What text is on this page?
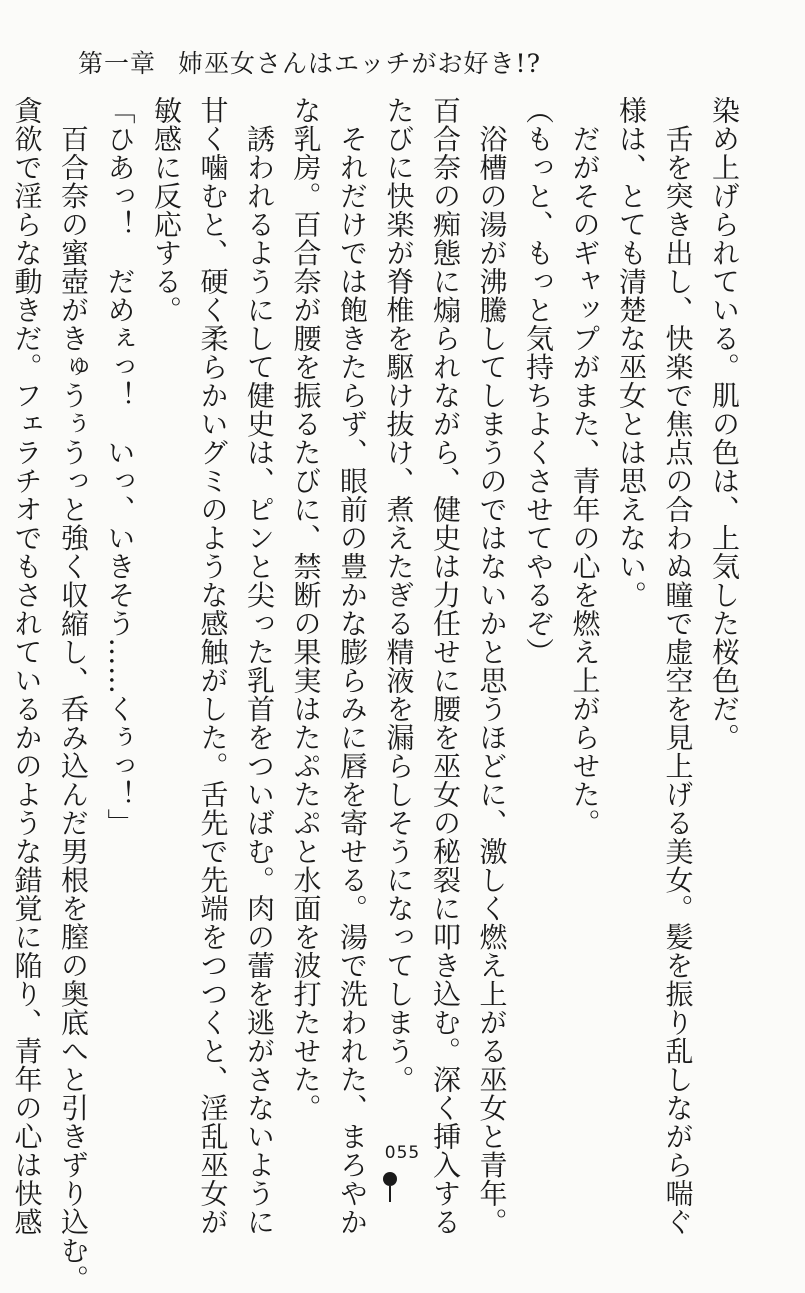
第一章 姉巫女さんはエッチがお好き!?

染め上げられている。肌の色は、上気した桜色だ。

　舌を突き出し、快楽で焦点の合わぬ瞳で虚空を見上げる美女。髪を振り乱しながら喘ぐ

様は、とても清楚な巫女とは思えない。

　だがそのギャップがまた、青年の心を燃え上がらせた。

（もっと、もっと気持ちよくさせてやるぞ）

　浴槽の湯が沸騰してしまうのではないかと思うほどに、激しく燃え上がる巫女と青年。

百合奈の痴態に煽られながら、健史は力任せに腰を巫女の秘裂に叩き込む。深く挿入する

たびに快楽が脊椎を駆け抜け、煮えたぎる精液を漏らしそうになってしまう。

　それだけでは飽きたらず、眼前の豊かな膨らみに唇を寄せる。湯で洗われた、まろやか

な乳房。百合奈が腰を振るたびに、禁断の果実はたぷたぷと水面を波打たせた。

　誘われるようにして健史は、ピンと尖った乳首をついばむ。肉の蕾を逃がさないように

甘く噛むと、硬く柔らかいグミのような感触がした。舌先で先端をつつくと、淫乱巫女が

敏感に反応する。

「ひあっ！　だめぇっ！　いっ、いきそう……くぅっ！」

　百合奈の蜜壺がきゅうぅうっと強く収縮し、呑み込んだ男根を膣の奥底へと引きずり込む。

貪欲で淫らな動きだ。フェラチオでもされているかのような錯覚に陥り、青年の心は快感	055
